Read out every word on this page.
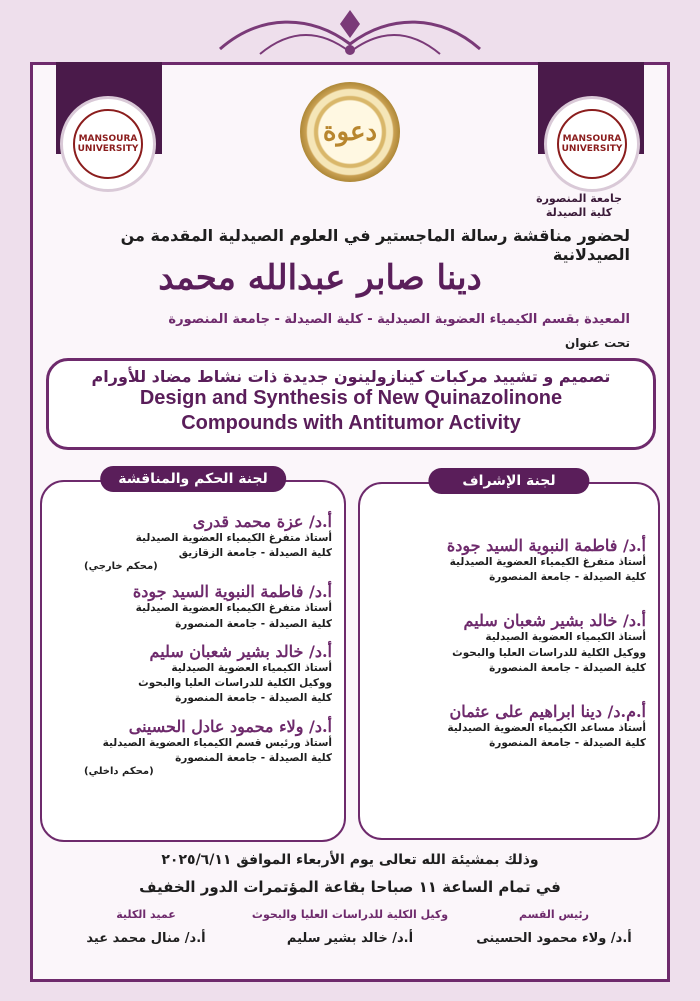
MANSOURA UNIVERSITY
MANSOURA UNIVERSITY
دعوة
جامعة المنصورة
كلية الصيدلة
لحضور مناقشة رسالة الماجستير في العلوم الصيدلية المقدمة من الصيدلانية
دينا صابر عبدالله محمد
المعيدة بقسم الكيمياء العضوية الصيدلية - كلية الصيدلة - جامعة المنصورة
تحت عنوان
تصميم و تشييد مركبات كينازولينون جديدة ذات نشاط مضاد للأورام
Design and Synthesis of New Quinazolinone
Compounds with Antitumor Activity
لجنة الإشراف
أ.د/ فاطمة النبوية السيد جودة
أستاذ متفرغ الكيمياء العضوية الصيدلية
كلية الصيدلة - جامعة المنصورة
أ.د/ خالد بشير شعبان سليم
أستاذ الكيمياء العضوية الصيدلية
ووكيل الكلية للدراسات العليا والبحوث
كلية الصيدلة - جامعة المنصورة
أ.م.د/ دينا ابراهيم على عثمان
أستاذ مساعد الكيمياء العضوية الصيدلية
كلية الصيدلة - جامعة المنصورة
لجنة الحكم والمناقشة
أ.د/ عزة محمد قدرى
أستاذ متفرغ الكيمياء العضوية الصيدلية
كلية الصيدلة - جامعة الزقازيق
(محكم خارجي)
أ.د/ فاطمة النبوية السيد جودة
أستاذ متفرغ الكيمياء العضوية الصيدلية
كلية الصيدلة - جامعة المنصورة
أ.د/ خالد بشير شعبان سليم
أستاذ الكيمياء العضوية الصيدلية
ووكيل الكلية للدراسات العليا والبحوث
كلية الصيدلة - جامعة المنصورة
أ.د/ ولاء محمود عادل الحسينى
أستاذ ورئيس قسم الكيمياء العضوية الصيدلية
كلية الصيدلة - جامعة المنصورة
(محكم داخلي)
وذلك بمشيئة الله تعالى يوم الأربعاء الموافق ٢٠٢٥/٦/١١
في تمام الساعة ١١ صباحا بقاعة المؤتمرات الدور الخفيف
رئيس القسم
أ.د/ ولاء محمود الحسينى
وكيل الكلية للدراسات العليا والبحوث
أ.د/ خالد بشير سليم
عميد الكلية
أ.د/ منال محمد عيد
